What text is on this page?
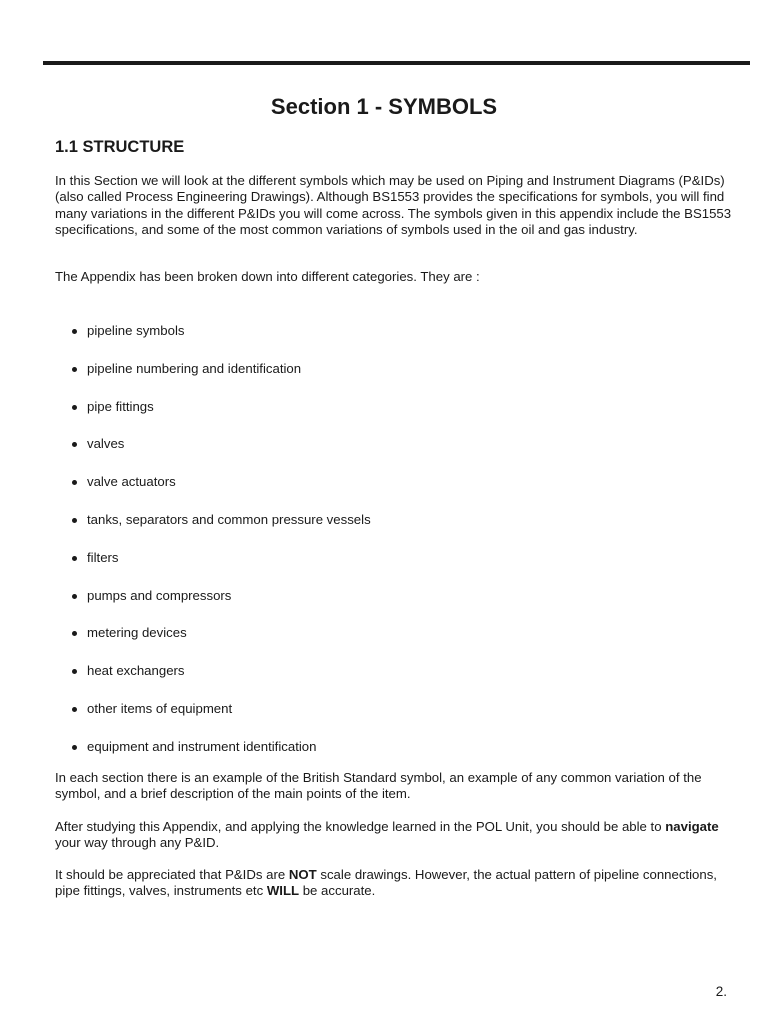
Section 1 - SYMBOLS
1.1 STRUCTURE

In this Section we will look at the different symbols which may be used on Piping and Instrument Diagrams (P&IDs) (also called Process Engineering Drawings). Although BS1553 provides the specifications for symbols, you will find many variations in the different P&IDs you will come across. The symbols given in this appendix include the BS1553 specifications, and some of the most common variations of symbols used in the oil and gas industry.

The Appendix has been broken down into different categories. They are :

pipeline symbols
pipeline numbering and identification
pipe fittings
valves
valve actuators
tanks, separators and common pressure vessels
filters
pumps and compressors
metering devices
heat exchangers
other items of equipment
equipment and instrument identification

In each section there is an example of the British Standard symbol, an example of any common variation of the symbol, and a brief description of the main points of the item.

After studying this Appendix, and applying the knowledge learned in the POL Unit, you should be able to navigate your way through any P&ID.

It should be appreciated that P&IDs are NOT scale drawings. However, the actual pattern of pipeline connections, pipe fittings, valves, instruments etc WILL be accurate.

2.
